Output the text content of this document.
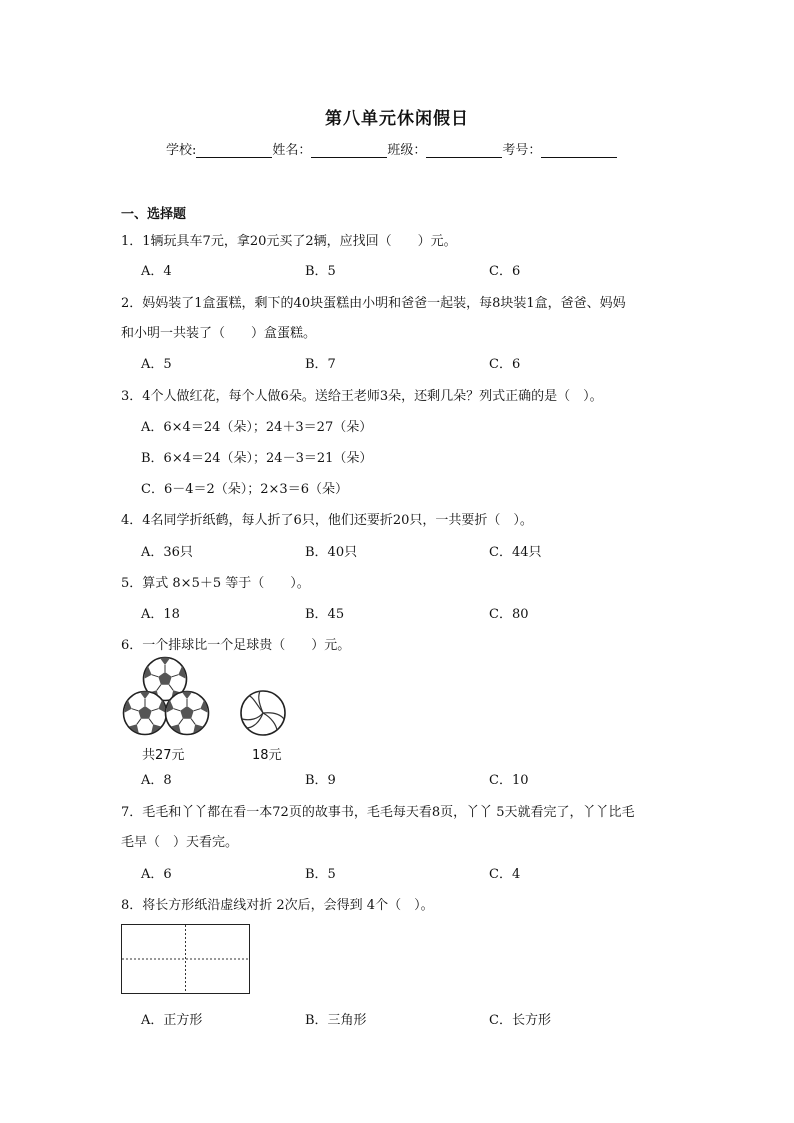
第八单元休闲假日
学校:	姓名：	班级：	考号：
一、选择题
1．1辆玩具车7元，拿20元买了2辆，应找回（　　）元。
A．4	B．5	C．6
2．妈妈装了1盒蛋糕，剩下的40块蛋糕由小明和爸爸一起装，每8块装1盒，爸爸、妈妈
和小明一共装了（　　）盒蛋糕。
A．5	B．7	C．6
3．4个人做红花，每个人做6朵。送给王老师3朵，还剩几朵？列式正确的是（　）。
A．6×4＝24（朵）；24＋3＝27（朵）
B．6×4＝24（朵）；24－3＝21（朵）
C．6－4＝2（朵）；2×3＝6（朵）
4．4名同学折纸鹤，每人折了6只，他们还要折20只，一共要折（　）。
A．36只	B．40只	C．44只
5．算式 8×5＋5 等于（　　）。
A．18	B．45	C．80
6．一个排球比一个足球贵（　　）元。
共27元	18元
A．8	B．9	C．10
7．毛毛和丫丫都在看一本72页的故事书，毛毛每天看8页，丫丫 5天就看完了，丫丫比毛
毛早（　）天看完。
A．6	B．5	C．4
8．将长方形纸沿虚线对折 2次后，会得到 4个（　）。
A．正方形	B．三角形	C．长方形
